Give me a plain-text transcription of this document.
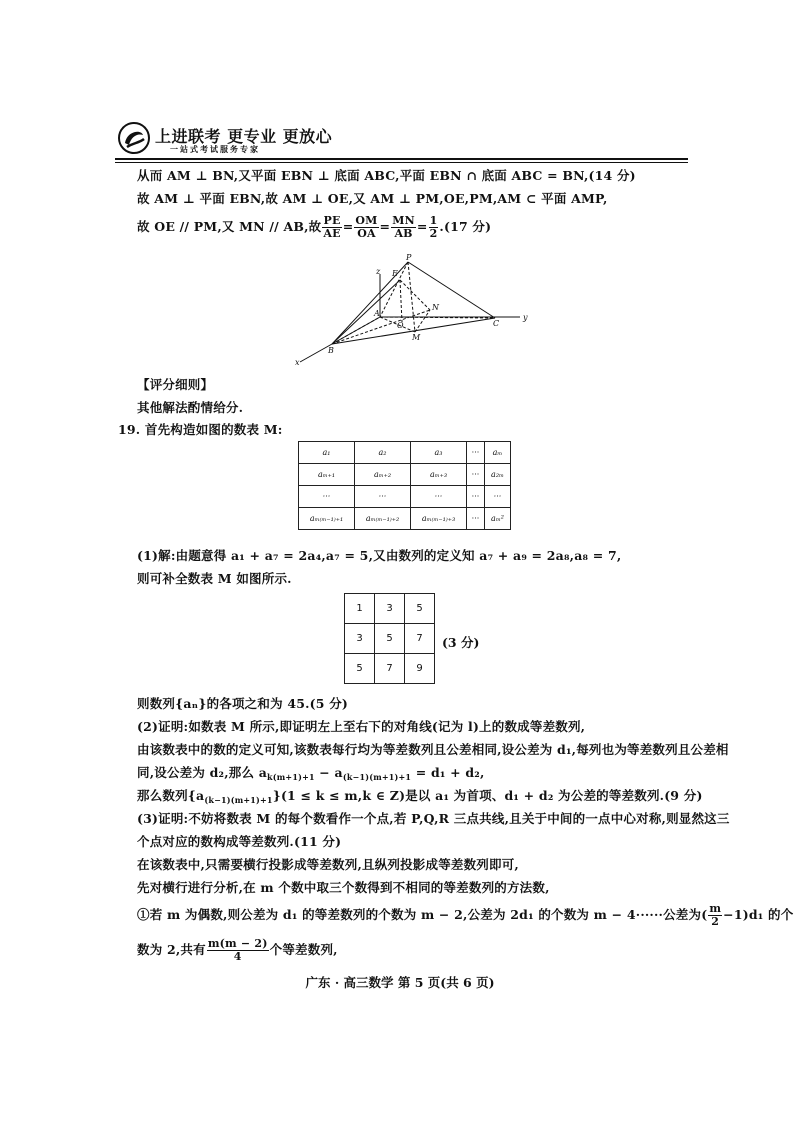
上进联考 更专业 更放心
一站式考试服务专家
从而 AM ⊥ BN,又平面 EBN ⊥ 底面 ABC,平面 EBN ∩ 底面 ABC = BN,(14 分)
故 AM ⊥ 平面 EBN,故 AM ⊥ OE,又 AM ⊥ PM,OE,PM,AM ⊂ 平面 AMP,
故 OE // PM,又 MN // AB,故 $\frac{PE}{AE} = \frac{OM}{OA} = \frac{MN}{AB} = \frac{1}{2} .(17$ 分)
P
E
N
A
O
M
B
C
x
y
z
【评分细则】
其他解法酌情给分.
19. 首先构造如图的数表 M:
a₁	a₂	a₃	···	aₘ
aₘ₊₁	aₘ₊₂	aₘ₊₃	···	a₂ₘ
···	···	···	···	···
aₘ₍ₘ₋₁₎₊₁	aₘ₍ₘ₋₁₎₊₂	aₘ₍ₘ₋₁₎₊₃	···	aₘ²
(1)解:由题意得 a₁ + a₇ = 2a₄,a₇ = 5,又由数列的定义知 a₇ + a₉ = 2a₈,a₈ = 7,
则可补全数表 M 如图所示.
1	3	5
3	5	7
5	7	9
(3 分)
则数列{aₙ}的各项之和为 45.(5 分)
(2)证明:如数表 M 所示,即证明左上至右下的对角线(记为 l)上的数成等差数列,
由该数表中的数的定义可知,该数表每行均为等差数列且公差相同,设公差为 d₁,每列也为等差数列且公差相
同,设公差为 d₂,那么 $a_{k(m+1)+1} - a_{(k-1)(m+1)+1} = d_1 + d_2$,
那么数列$\{a_{(k-1)(m+1)+1}\}(1 \le k \le m,k$ ∈ Z)是以 a₁ 为首项、d₁ + d₂ 为公差的等差数列.(9 分)
(3)证明:不妨将数表 M 的每个数看作一个点,若 P,Q,R 三点共线,且关于中间的一点中心对称,则显然这三
个点对应的数构成等差数列.(11 分)
在该数表中,只需要横行投影成等差数列,且纵列投影成等差数列即可,
先对横行进行分析,在 m 个数中取三个数得到不相同的等差数列的方法数,
①若 m 为偶数,则公差为 d₁ 的等差数列的个数为 m − 2,公差为 2d₁ 的个数为 m − 4······公差为( $\frac{m}{2} -1)d_1$ 的个
数为 2,共有 $\frac{m(m - 2)}{4}$ 个等差数列,
广东 · 高三数学 第 5 页(共 6 页)
